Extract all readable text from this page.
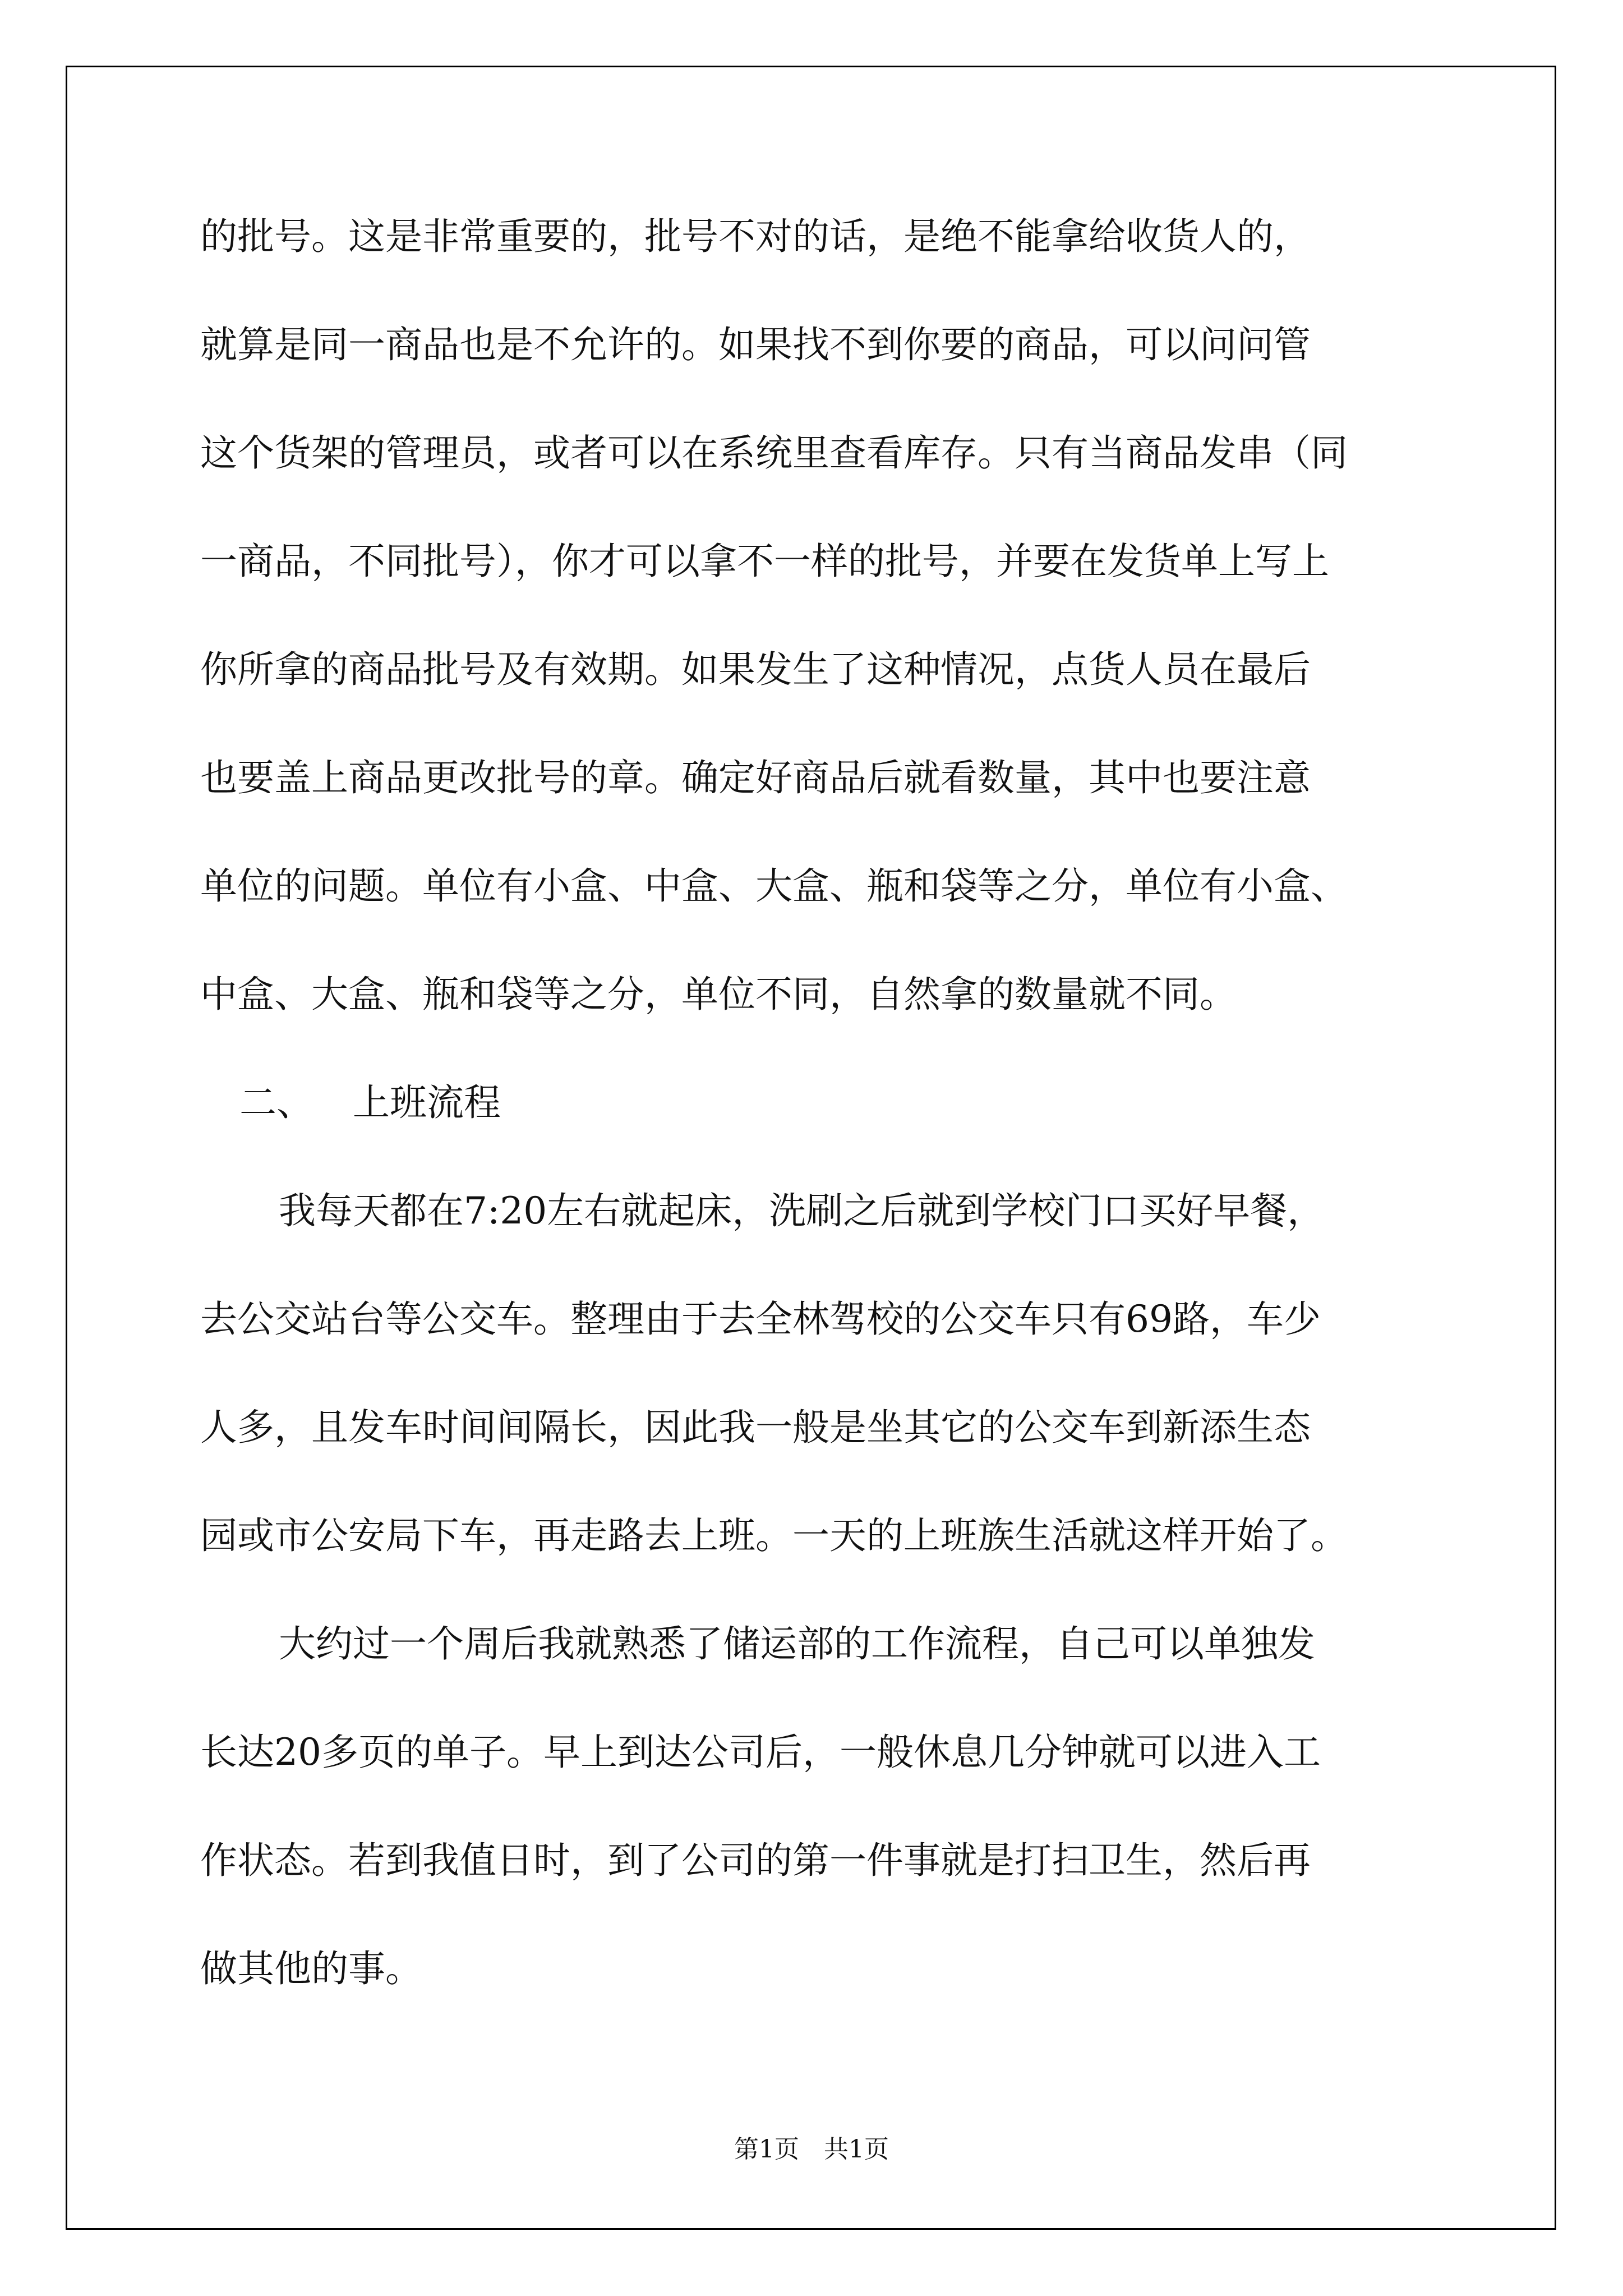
的批号。这是非常重要的，批号不对的话，是绝不能拿给收货人的，
就算是同一商品也是不允许的。如果找不到你要的商品，可以问问管
这个货架的管理员，或者可以在系统里查看库存。只有当商品发串（同
一商品，不同批号），你才可以拿不一样的批号，并要在发货单上写上
你所拿的商品批号及有效期。如果发生了这种情况，点货人员在最后
也要盖上商品更改批号的章。确定好商品后就看数量，其中也要注意
单位的问题。单位有小盒、中盒、大盒、瓶和袋等之分，单位有小盒、
中盒、大盒、瓶和袋等之分，单位不同，自然拿的数量就不同。
二、 上班流程
我每天都在7:20左右就起床，洗刷之后就到学校门口买好早餐，
去公交站台等公交车。整理由于去全林驾校的公交车只有69路，车少
人多，且发车时间间隔长，因此我一般是坐其它的公交车到新添生态
园或市公安局下车，再走路去上班。一天的上班族生活就这样开始了。
大约过一个周后我就熟悉了储运部的工作流程，自己可以单独发
长达20多页的单子。早上到达公司后，一般休息几分钟就可以进入工
作状态。若到我值日时，到了公司的第一件事就是打扫卫生，然后再
做其他的事。
第1页　共1页
